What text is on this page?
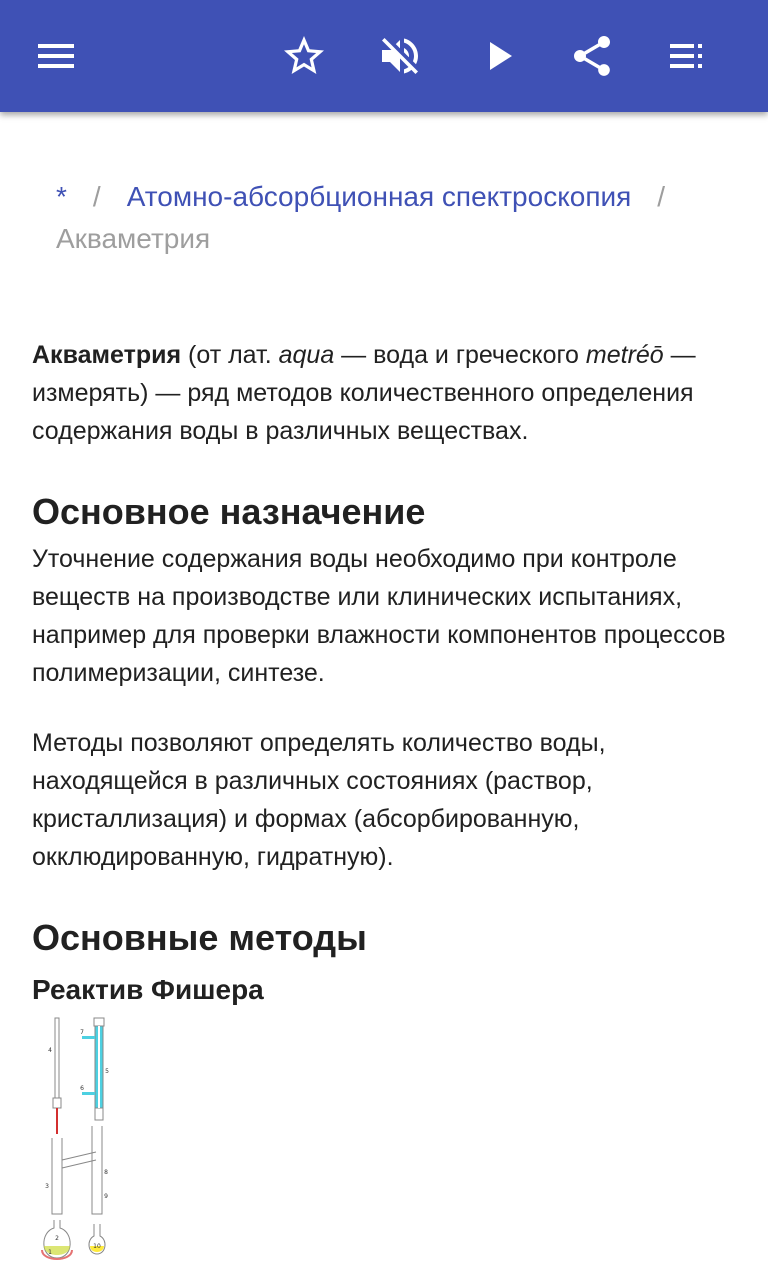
* / Атомно-абсорбционная спектроскопия /Акваметрия

Акваметрия (от лат. aqua — вода и греческого metréō — измерять) — ряд методов количественного определения содержания воды в различных веществах.

Основное назначение

Уточнение содержания воды необходимо при контроле веществ на производстве или клинических испытаниях, например для проверки влажности компонентов процессов полимеризации, синтезе.

Методы позволяют определять количество воды, находящейся в различных состояниях (раствор, кристаллизация) и формах (абсорбированную, окклюдированную, гидратную).

Основные методы
Реактив Фишера
1
2
3
4
5
6
7
8
9
10
